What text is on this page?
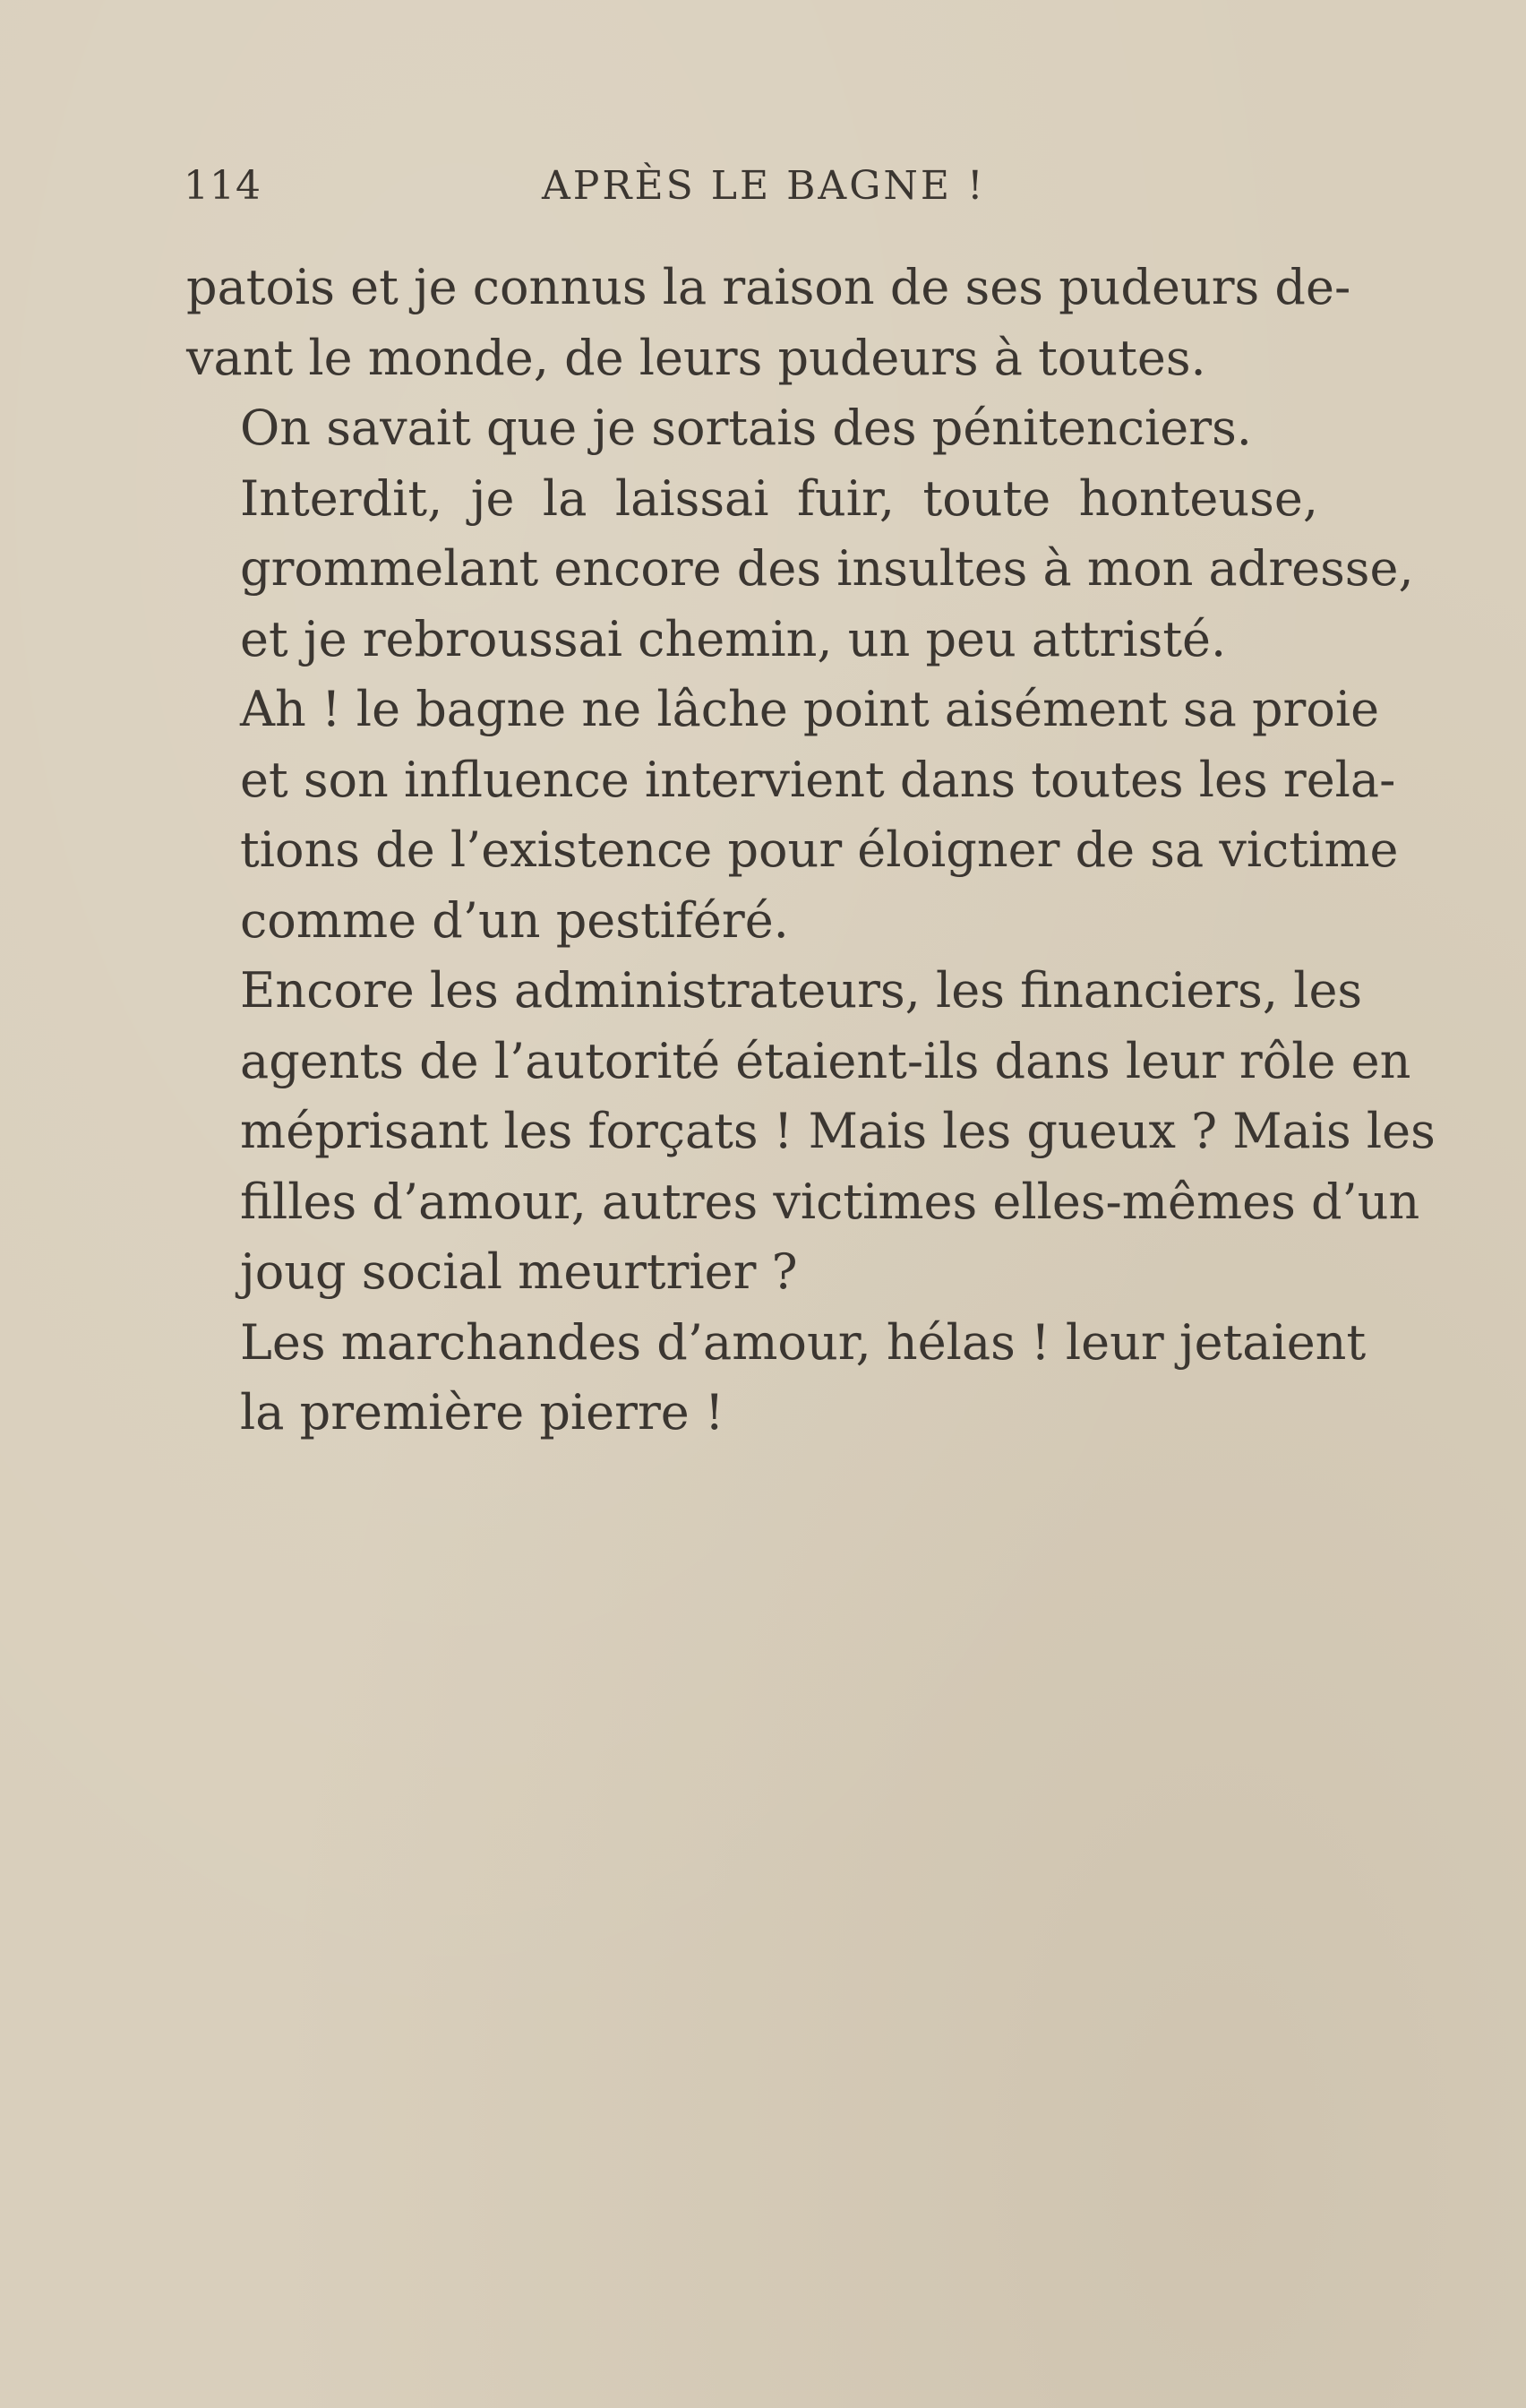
114	APRÈS LE BAGNE !

patois et je connus la raison de ses pudeurs de-
vant le monde, de leurs pudeurs à toutes.

On savait que je sortais des pénitenciers.

Interdit, je la laissai fuir, toute honteuse,
grommelant encore des insultes à mon adresse,
et je rebroussai chemin, un peu attristé.

Ah ! le bagne ne lâche point aisément sa proie
et son influence intervient dans toutes les rela-
tions de l’existence pour éloigner de sa victime
comme d’un pestiféré.

Encore les administrateurs, les financiers, les
agents de l’autorité étaient-ils dans leur rôle en
méprisant les forçats ! Mais les gueux ? Mais les
filles d’amour, autres victimes elles-mêmes d’un
joug social meurtrier ?

Les marchandes d’amour, hélas ! leur jetaient
la première pierre !
